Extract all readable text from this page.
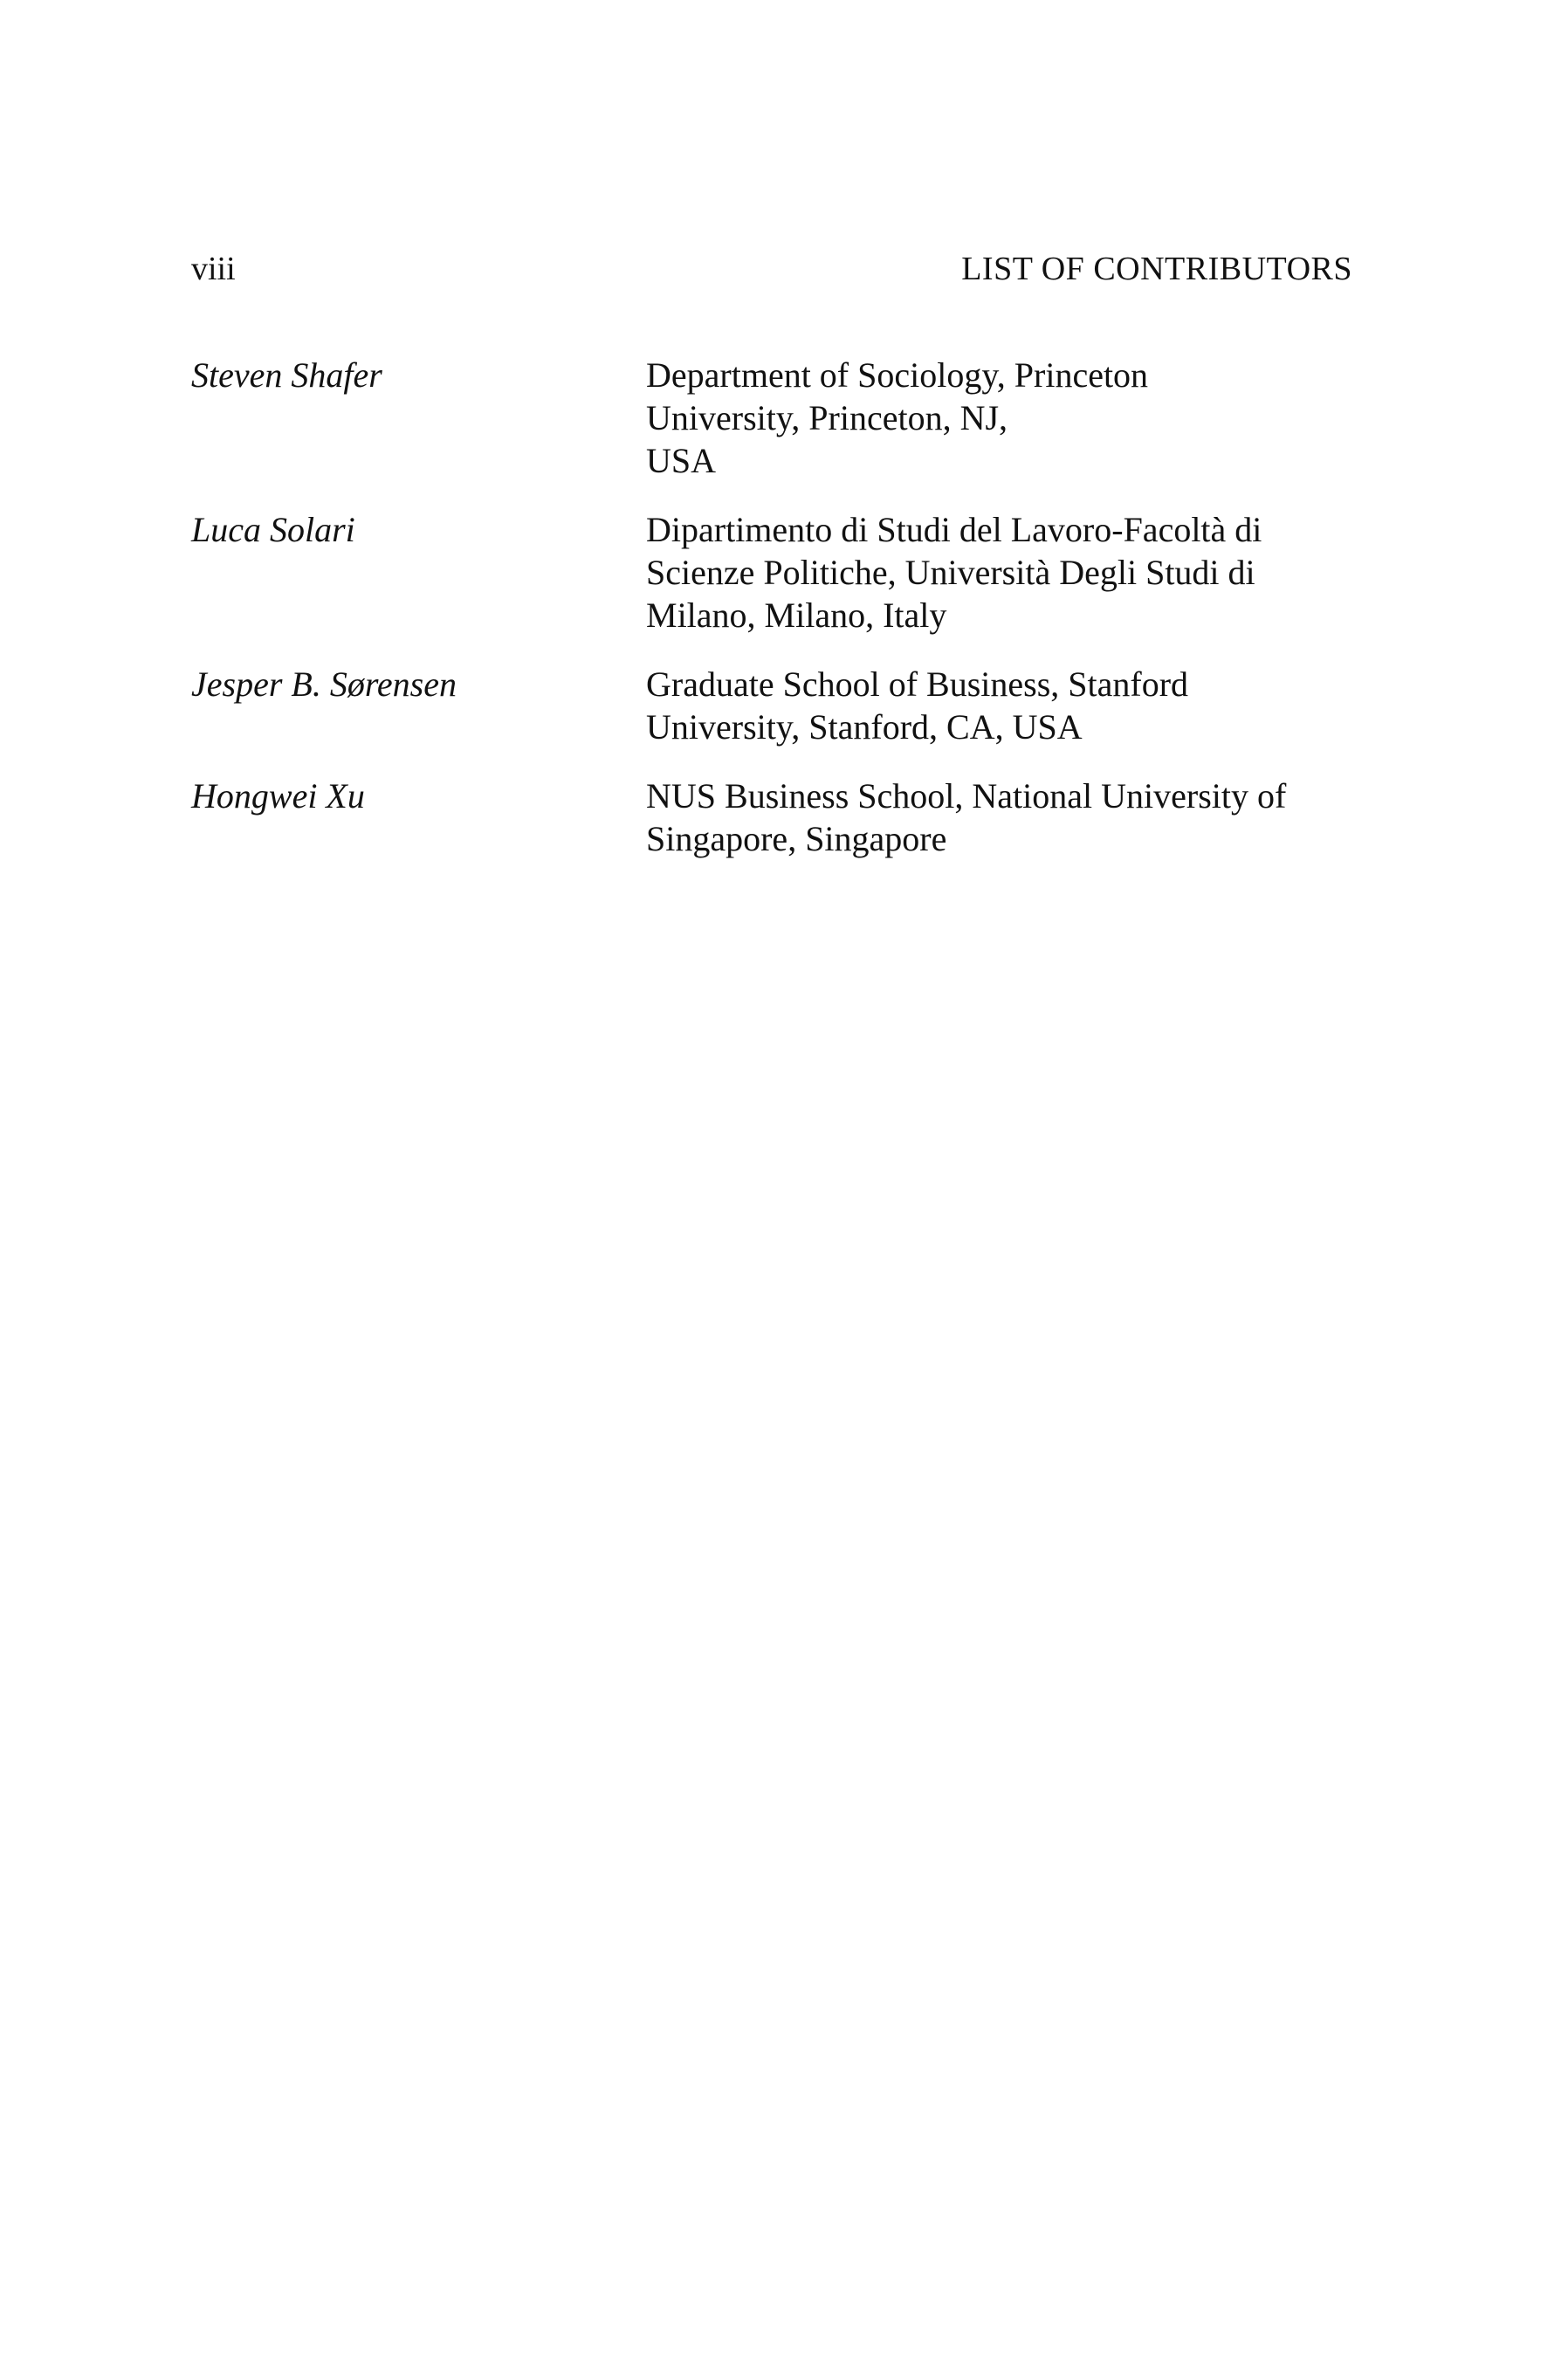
viii	LIST OF CONTRIBUTORS
Steven Shafer	Department of Sociology, Princeton
University, Princeton, NJ,
USA
Luca Solari	Dipartimento di Studi del Lavoro-Facoltà di
Scienze Politiche, Università Degli Studi di
Milano, Milano, Italy
Jesper B. Sørensen	Graduate School of Business, Stanford
University, Stanford, CA, USA
Hongwei Xu	NUS Business School, National University of
Singapore, Singapore
